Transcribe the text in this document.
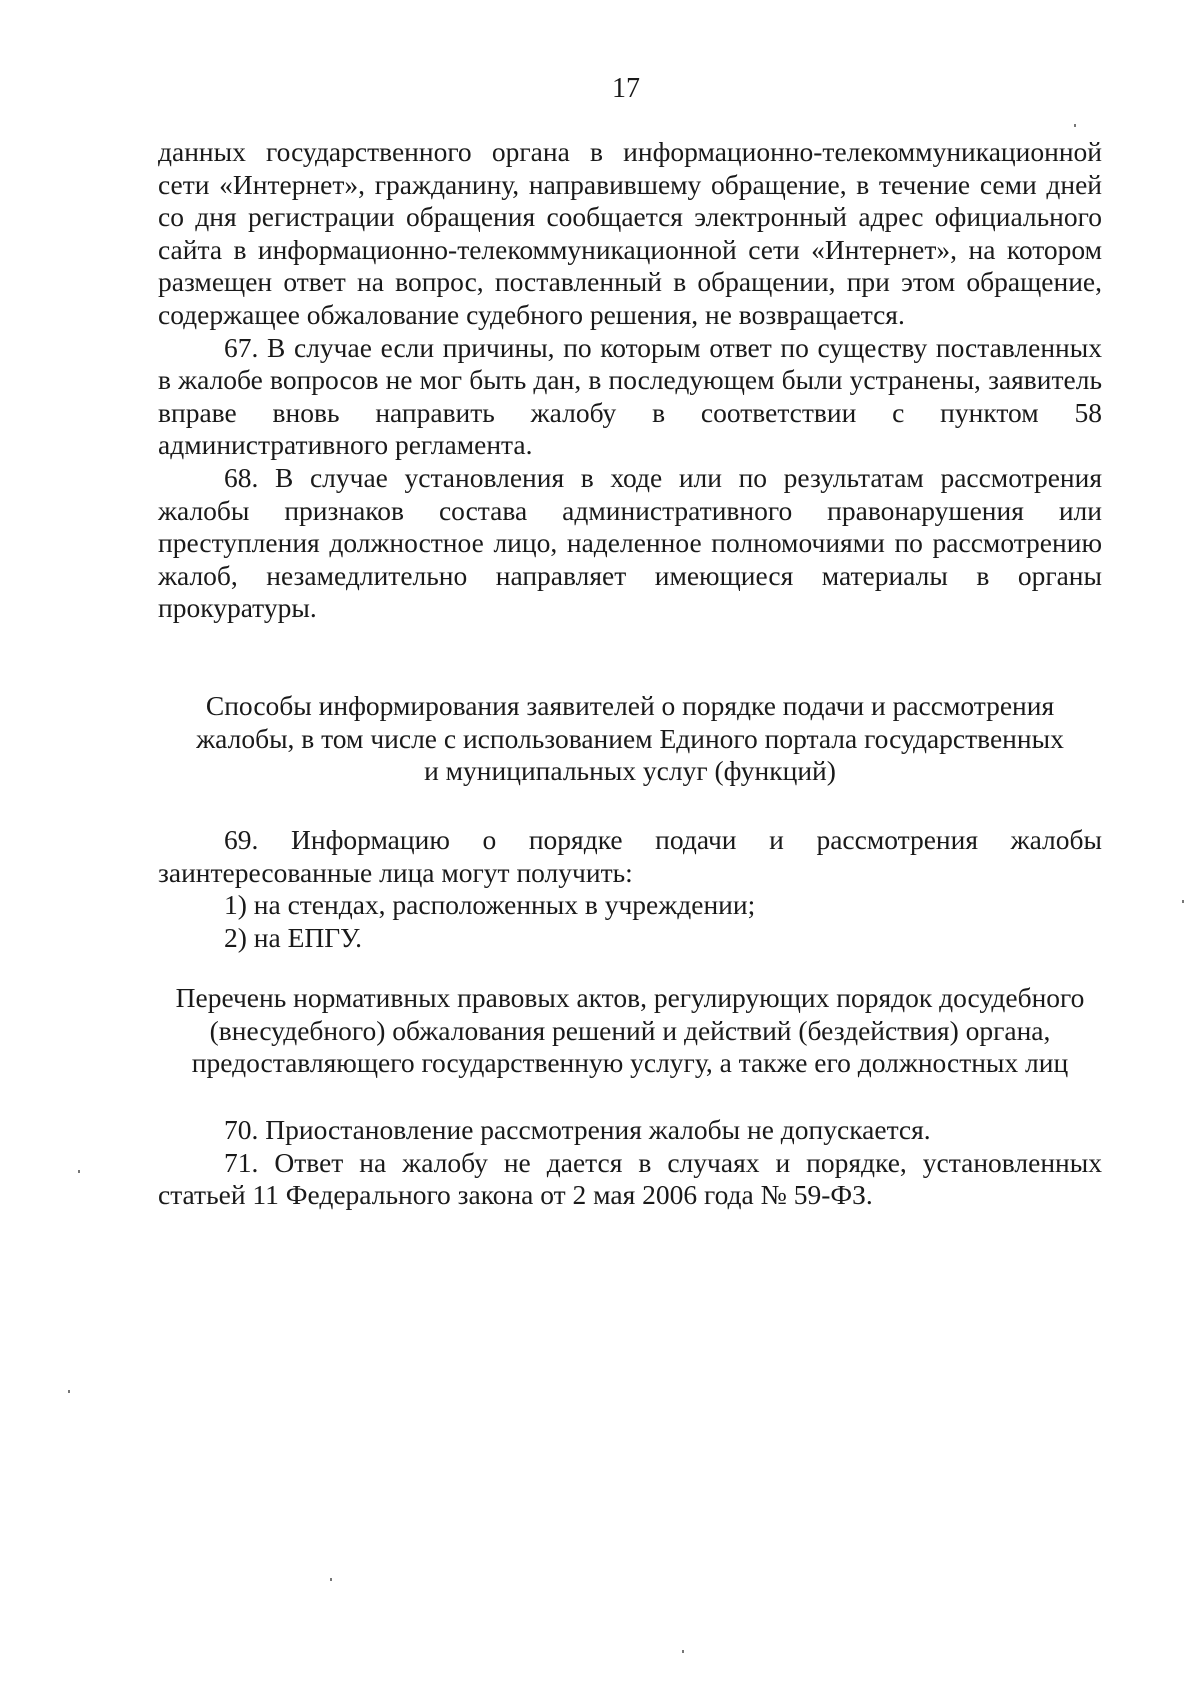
17

данных государственного органа в информационно-телекоммуникационной сети «Интернет», гражданину, направившему обращение, в течение семи дней со дня регистрации обращения сообщается электронный адрес официального сайта в информационно-телекоммуникационной сети «Интернет», на котором размещен ответ на вопрос, поставленный в обращении, при этом обращение, содержащее обжалование судебного решения, не возвращается.

67. В случае если причины, по которым ответ по существу поставленных в жалобе вопросов не мог быть дан, в последующем были устранены, заявитель вправе вновь направить жалобу в соответствии с пунктом 58 административного регламента.

68. В случае установления в ходе или по результатам рассмотрения жалобы признаков состава административного правонарушения или преступления должностное лицо, наделенное полномочиями по рассмотрению жалоб, незамедлительно направляет имеющиеся материалы в органы прокуратуры.

Способы информирования заявителей о порядке подачи и рассмотрения
жалобы, в том числе с использованием Единого портала государственных
и муниципальных услуг (функций)

69. Информацию о порядке подачи и рассмотрения жалобы заинтересованные лица могут получить:

1) на стендах, расположенных в учреждении;

2) на ЕПГУ.

Перечень нормативных правовых актов, регулирующих порядок досудебного
(внесудебного) обжалования решений и действий (бездействия) органа,
предоставляющего государственную услугу, а также его должностных лиц

70. Приостановление рассмотрения жалобы не допускается.

71. Ответ на жалобу не дается в случаях и порядке, установленных статьей 11 Федерального закона от 2 мая 2006 года № 59-ФЗ.
